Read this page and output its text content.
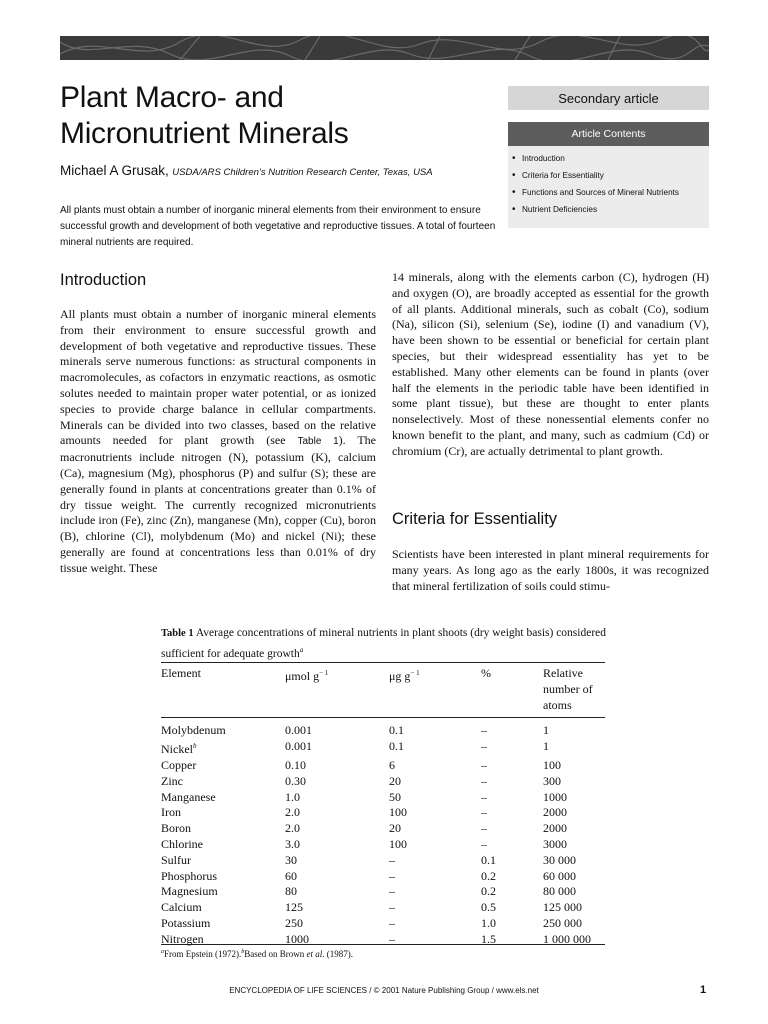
Plant Macro- and
Micronutrient Minerals
Michael A Grusak, USDA/ARS Children’s Nutrition Research Center, Texas, USA
All plants must obtain a number of inorganic mineral elements from their environment to ensure successful growth and development of both vegetative and reproductive tissues. A total of fourteen mineral nutrients are required.
Secondary article
Article Contents
• Introduction
• Criteria for Essentiality
• Functions and Sources of Mineral Nutrients
• Nutrient Deficiencies
Introduction

All plants must obtain a number of inorganic mineral elements from their environment to ensure successful growth and development of both vegetative and reproductive tissues. These minerals serve numerous functions: as structural components in macromolecules, as cofactors in enzymatic reactions, as osmotic solutes needed to maintain proper water potential, or as ionized species to provide charge balance in cellular compartments. Minerals can be divided into two classes, based on the relative amounts needed for plant growth (see Table 1). The macronutrients include nitrogen (N), potassium (K), calcium (Ca), magnesium (Mg), phosphorus (P) and sulfur (S); these are generally found in plants at concentrations greater than 0.1% of dry tissue weight. The currently recognized micronutrients include iron (Fe), zinc (Zn), manganese (Mn), copper (Cu), boron (B), chlorine (Cl), molybdenum (Mo) and nickel (Ni); these generally are found at concentrations less than 0.01% of dry tissue weight. These

14 minerals, along with the elements carbon (C), hydrogen (H) and oxygen (O), are broadly accepted as essential for the growth of all plants. Additional minerals, such as cobalt (Co), sodium (Na), silicon (Si), selenium (Se), iodine (I) and vanadium (V), have been shown to be essential or beneficial for certain plant species, but their widespread essentiality has yet to be established. Many other elements can be found in plants (over half the elements in the periodic table have been identified in some plant tissue), but these are thought to enter plants nonselectively. Most of these nonessential elements confer no known benefit to the plant, and many, such as cadmium (Cd) or chromium (Cr), are actually detrimental to plant growth.

Criteria for Essentiality

Scientists have been interested in plant mineral requirements for many years. As long ago as the early 1800s, it was recognized that mineral fertilization of soils could stimu-

Table 1 Average concentrations of mineral nutrients in plant shoots (dry weight basis) considered sufficient for adequate growth$^a$
Element	μmol $g^{- 1}$	μg $g^{- 1}$	%	Relative number of atoms

Molybdenum	0.001	0.1	–	1
Nickel$^b$	0.001	0.1	–	1
Copper	0.10	6	–	100
Zinc	0.30	20	–	300
Manganese	1.0	50	–	1000
Iron	2.0	100	–	2000
Boron	2.0	20	–	2000
Chlorine	3.0	100	–	3000
Sulfur	30	–	0.1	30 000
Phosphorus	60	–	0.2	60 000
Magnesium	80	–	0.2	80 000
Calcium	125	–	0.5	125 000
Potassium	250	–	1.0	250 000
Nitrogen	1000	–	1.5	1 000 000
$^a$From Epstein (1972).$^b$Based on Brown et al. (1987).
ENCYCLOPEDIA OF LIFE SCIENCES / © 2001 Nature Publishing Group / www.els.net	1
